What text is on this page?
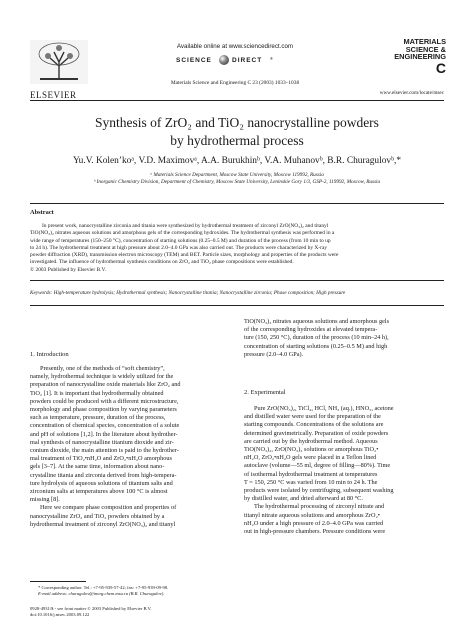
ELSEVIER
Available online at www.sciencedirect.com
SCIENCE	DIRECT ®
Materials Science and Engineering C 23 (2003) 1033–1038
MATERIALS
SCIENCE &
ENGINEERING
C
www.elsevier.com/locate/msec
Synthesis of ZrO₂ and TiO₂ nanocrystalline powders
by hydrothermal process
Yu.V. Kolen’koᵃ, V.D. Maximovᵃ, A.A. Burukhinᵇ, V.A. Muhanovᵇ, B.R. Churagulovᵇ,*
ᵃ Materials Science Department, Moscow State University, Moscow 119992, Russia
ᵇ Inorganic Chemistry Division, Department of Chemistry, Moscow State University, Leninskie Gory 1/3, GSP-2, 119992, Moscow, Russia
Abstract
In present work, nanocrystalline zirconia and titania were synthesized by hydrothermal treatment of zirconyl ZrO(NO₃)₂ and titanyl
TiO(NO₃)₂ nitrates aqueous solutions and amorphous gels of the corresponding hydroxides. The hydrothermal synthesis was performed in a
wide range of temperatures (150–250 °C), concentration of starting solutions (0.25–0.5 M) and duration of the process (from 10 min to up
to 24 h). The hydrothermal treatment at high pressure about 2.0–4.0 GPa was also carried out. The products were characterized by X-ray
powder diffraction (XRD), transmission electron microscopy (TEM) and BET. Particle sizes, morphology and properties of the products were
investigated. The influence of hydrothermal synthesis conditions on ZrO₂ and TiO₂ phase compositions were established.
© 2003 Published by Elsevier B.V.
Keywords: High-temperature hydrolysis; Hydrothermal synthesis; Nanocrystalline titania; Nanocrystalline zirconia; Phase composition; High pressure
1. Introduction
Presently, one of the methods of “soft chemistry”,
namely, hydrothermal technique is widely utilized for the
preparation of nanocrystalline oxide materials like ZrO₂ and
TiO₂ [1]. It is important that hydrothermally obtained
powders could be produced with a different microstructure,
morphology and phase composition by varying parameters
such as temperature, pressure, duration of the process,
concentration of chemical species, concentration of a solute
and pH of solutions [1,2]. In the literature about hydrother-
mal synthesis of nanocrystalline titanium dioxide and zir-
conium dioxide, the main attention is paid to the hydrother-
mal treatment of TiO₂•nH₂O and ZrO₂•nH₂O amorphous
gels [3–7]. At the same time, information about nano-
crystalline titania and zirconia derived from high-tempera-
ture hydrolysis of aqueous solutions of titanium salts and
zirconium salts at temperatures above 100 °C is almost
missing [8].
Here we compare phase composition and properties of
nanocrystalline ZrO₂ and TiO₂ powders obtained by a
hydrothermal treatment of zirconyl ZrO(NO₃)₂ and titanyl
* Corresponding author. Tel.: +7-95-939-57-42; fax: +7-95-939-09-98.
E-mail address: churagulov@inorg.chem.msu.ru (B.R. Churagulov).
0928-4931/$ - see front matter © 2003 Published by Elsevier B.V.
doi:10.1016/j.msec.2003.09.122
TiO(NO₃)₂ nitrates aqueous solutions and amorphous gels
of the corresponding hydroxides at elevated tempera-
ture (150, 250 °C), duration of the process (10 min–24 h),
concentration of starting solutions (0.25–0.5 M) and high
pressure (2.0–4.0 GPa).
2. Experimental
Pure ZrO(NO₃)₂, TiCl₄, HCl, NH₃ (aq.), HNO₃, acetone
and distilled water were used for the preparation of the
starting compounds. Concentrations of the solutions are
determined gravimetrically. Preparation of oxide powders
are carried out by the hydrothermal method. Aqueous
TiO(NO₃)₂, ZrO(NO₃)₂ solutions or amorphous TiO₂•
nH₂O, ZrO₂•nH₂O gels were placed in a Teflon lined
autoclave (volume—55 ml, degree of filling—80%). Time
of isothermal hydrothermal treatment at temperatures
T = 150, 250 °C was varied from 10 min to 24 h. The
products were isolated by centrifuging, subsequent washing
by distilled water, and dried afterward at 80 °C.
The hydrothermal processing of zirconyl nitrate and
titanyl nitrate aqueous solutions and amorphous ZrO₂•
nH₂O under a high pressure of 2.0–4.0 GPa was carried
out in high-pressure chambers. Pressure conditions were
